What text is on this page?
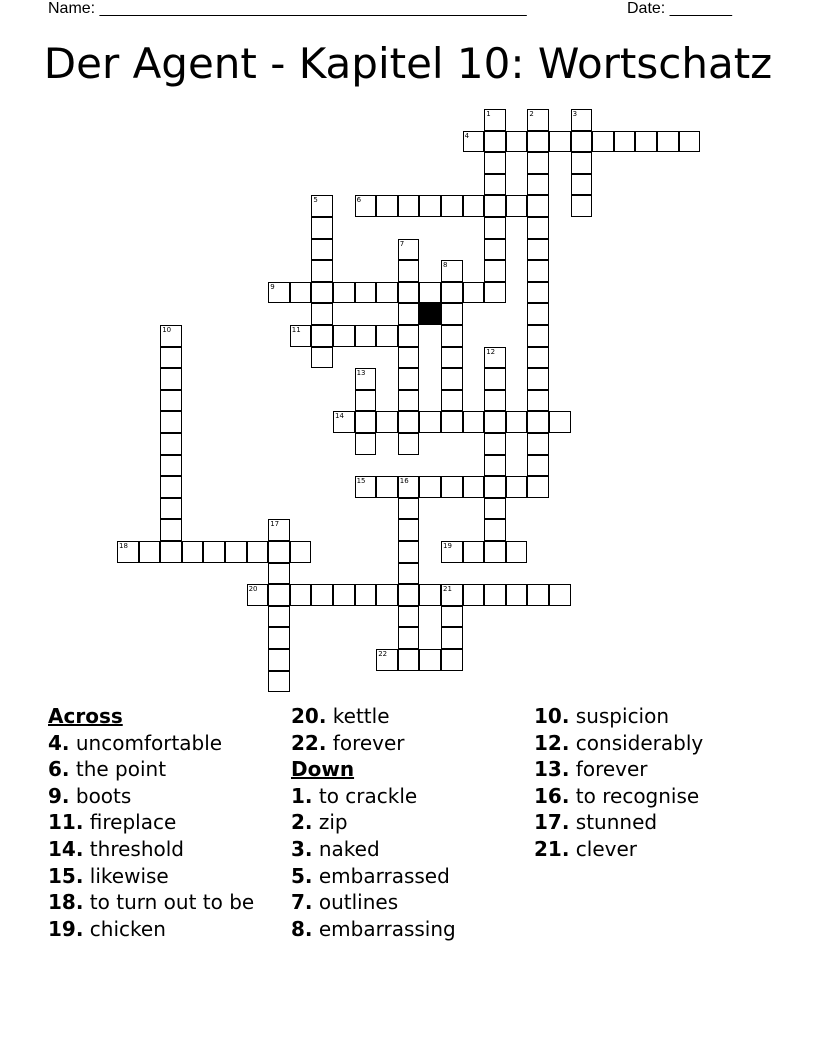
Name: ________________________________________________	Date: _______
Der Agent - Kapitel 10: Wortschatz
1	2	3
4
5	6
7
8
9
10	11
12
13
14
15	16
17
18	19
20	21
22
Across
4. uncomfortable
6. the point
9. boots
11. fireplace
14. threshold
15. likewise
18. to turn out to be
19. chicken
20. kettle
22. forever
Down
1. to crackle
2. zip
3. naked
5. embarrassed
7. outlines
8. embarrassing
10. suspicion
12. considerably
13. forever
16. to recognise
17. stunned
21. clever
